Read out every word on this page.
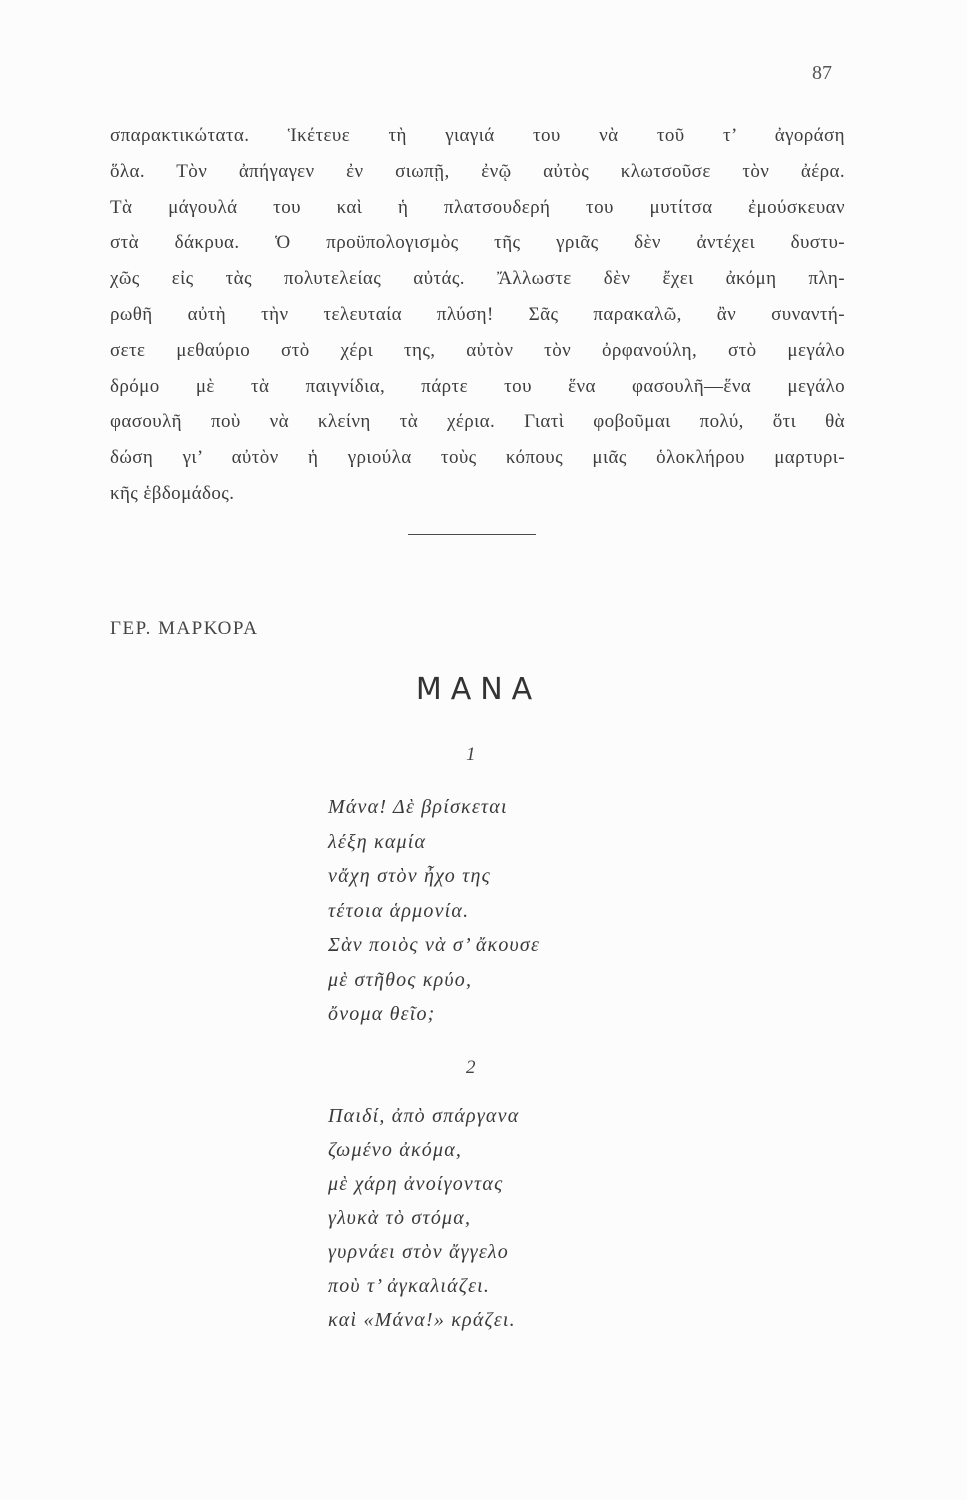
87
σπαρακτικώτατα. Ἱκέτευε τὴ γιαγιά του νὰ τοῦ τ’ ἀγοράση
ὅλα. Τὸν ἀπήγαγεν ἐν σιωπῇ, ἐνῷ αὐτὸς κλωτσοῦσε τὸν ἀέρα.
Τὰ μάγουλά του καὶ ἡ πλατσουδερή του μυτίτσα ἐμούσκευαν
στὰ δάκρυα. Ὁ προϋπολογισμὸς τῆς γριᾶς δὲν ἀντέχει δυστυ-
χῶς εἰς τὰς πολυτελείας αὐτάς. Ἄλλωστε δὲν ἔχει ἀκόμη πλη-
ρωθῆ αὐτὴ τὴν τελευταία πλύση! Σᾶς παρακαλῶ, ἂν συναντή-
σετε μεθαύριο στὸ χέρι της, αὐτὸν τὸν ὀρφανούλη, στὸ μεγάλο
δρόμο μὲ τὰ παιγνίδια, πάρτε του ἕνα φασουλῆ—ἕνα μεγάλο
φασουλῆ ποὺ νὰ κλείνη τὰ χέρια. Γιατὶ φοβοῦμαι πολύ, ὅτι θὰ
δώση γι’ αὐτὸν ἡ γριούλα τοὺς κόπους μιᾶς ὁλοκλήρου μαρτυρι-
κῆς ἑβδομάδος.
ΓΕΡ. ΜΑΡΚΟΡΑ
ΜΑΝΑ
1
Μάνα! Δὲ βρίσκεται
λέξη καμία
νἄχη στὸν ἦχο της
τέτοια ἁρμονία.
Σὰν ποιὸς νὰ σ’ ἄκουσε
μὲ στῆθος κρύο,
ὄνομα θεῖο;
2
Παιδί, ἀπὸ σπάργανα
ζωμένο ἀκόμα,
μὲ χάρη ἀνοίγοντας
γλυκὰ τὸ στόμα,
γυρνάει στὸν ἄγγελο
ποὺ τ’ ἀγκαλιάζει.
καὶ «Μάνα!» κράζει.
